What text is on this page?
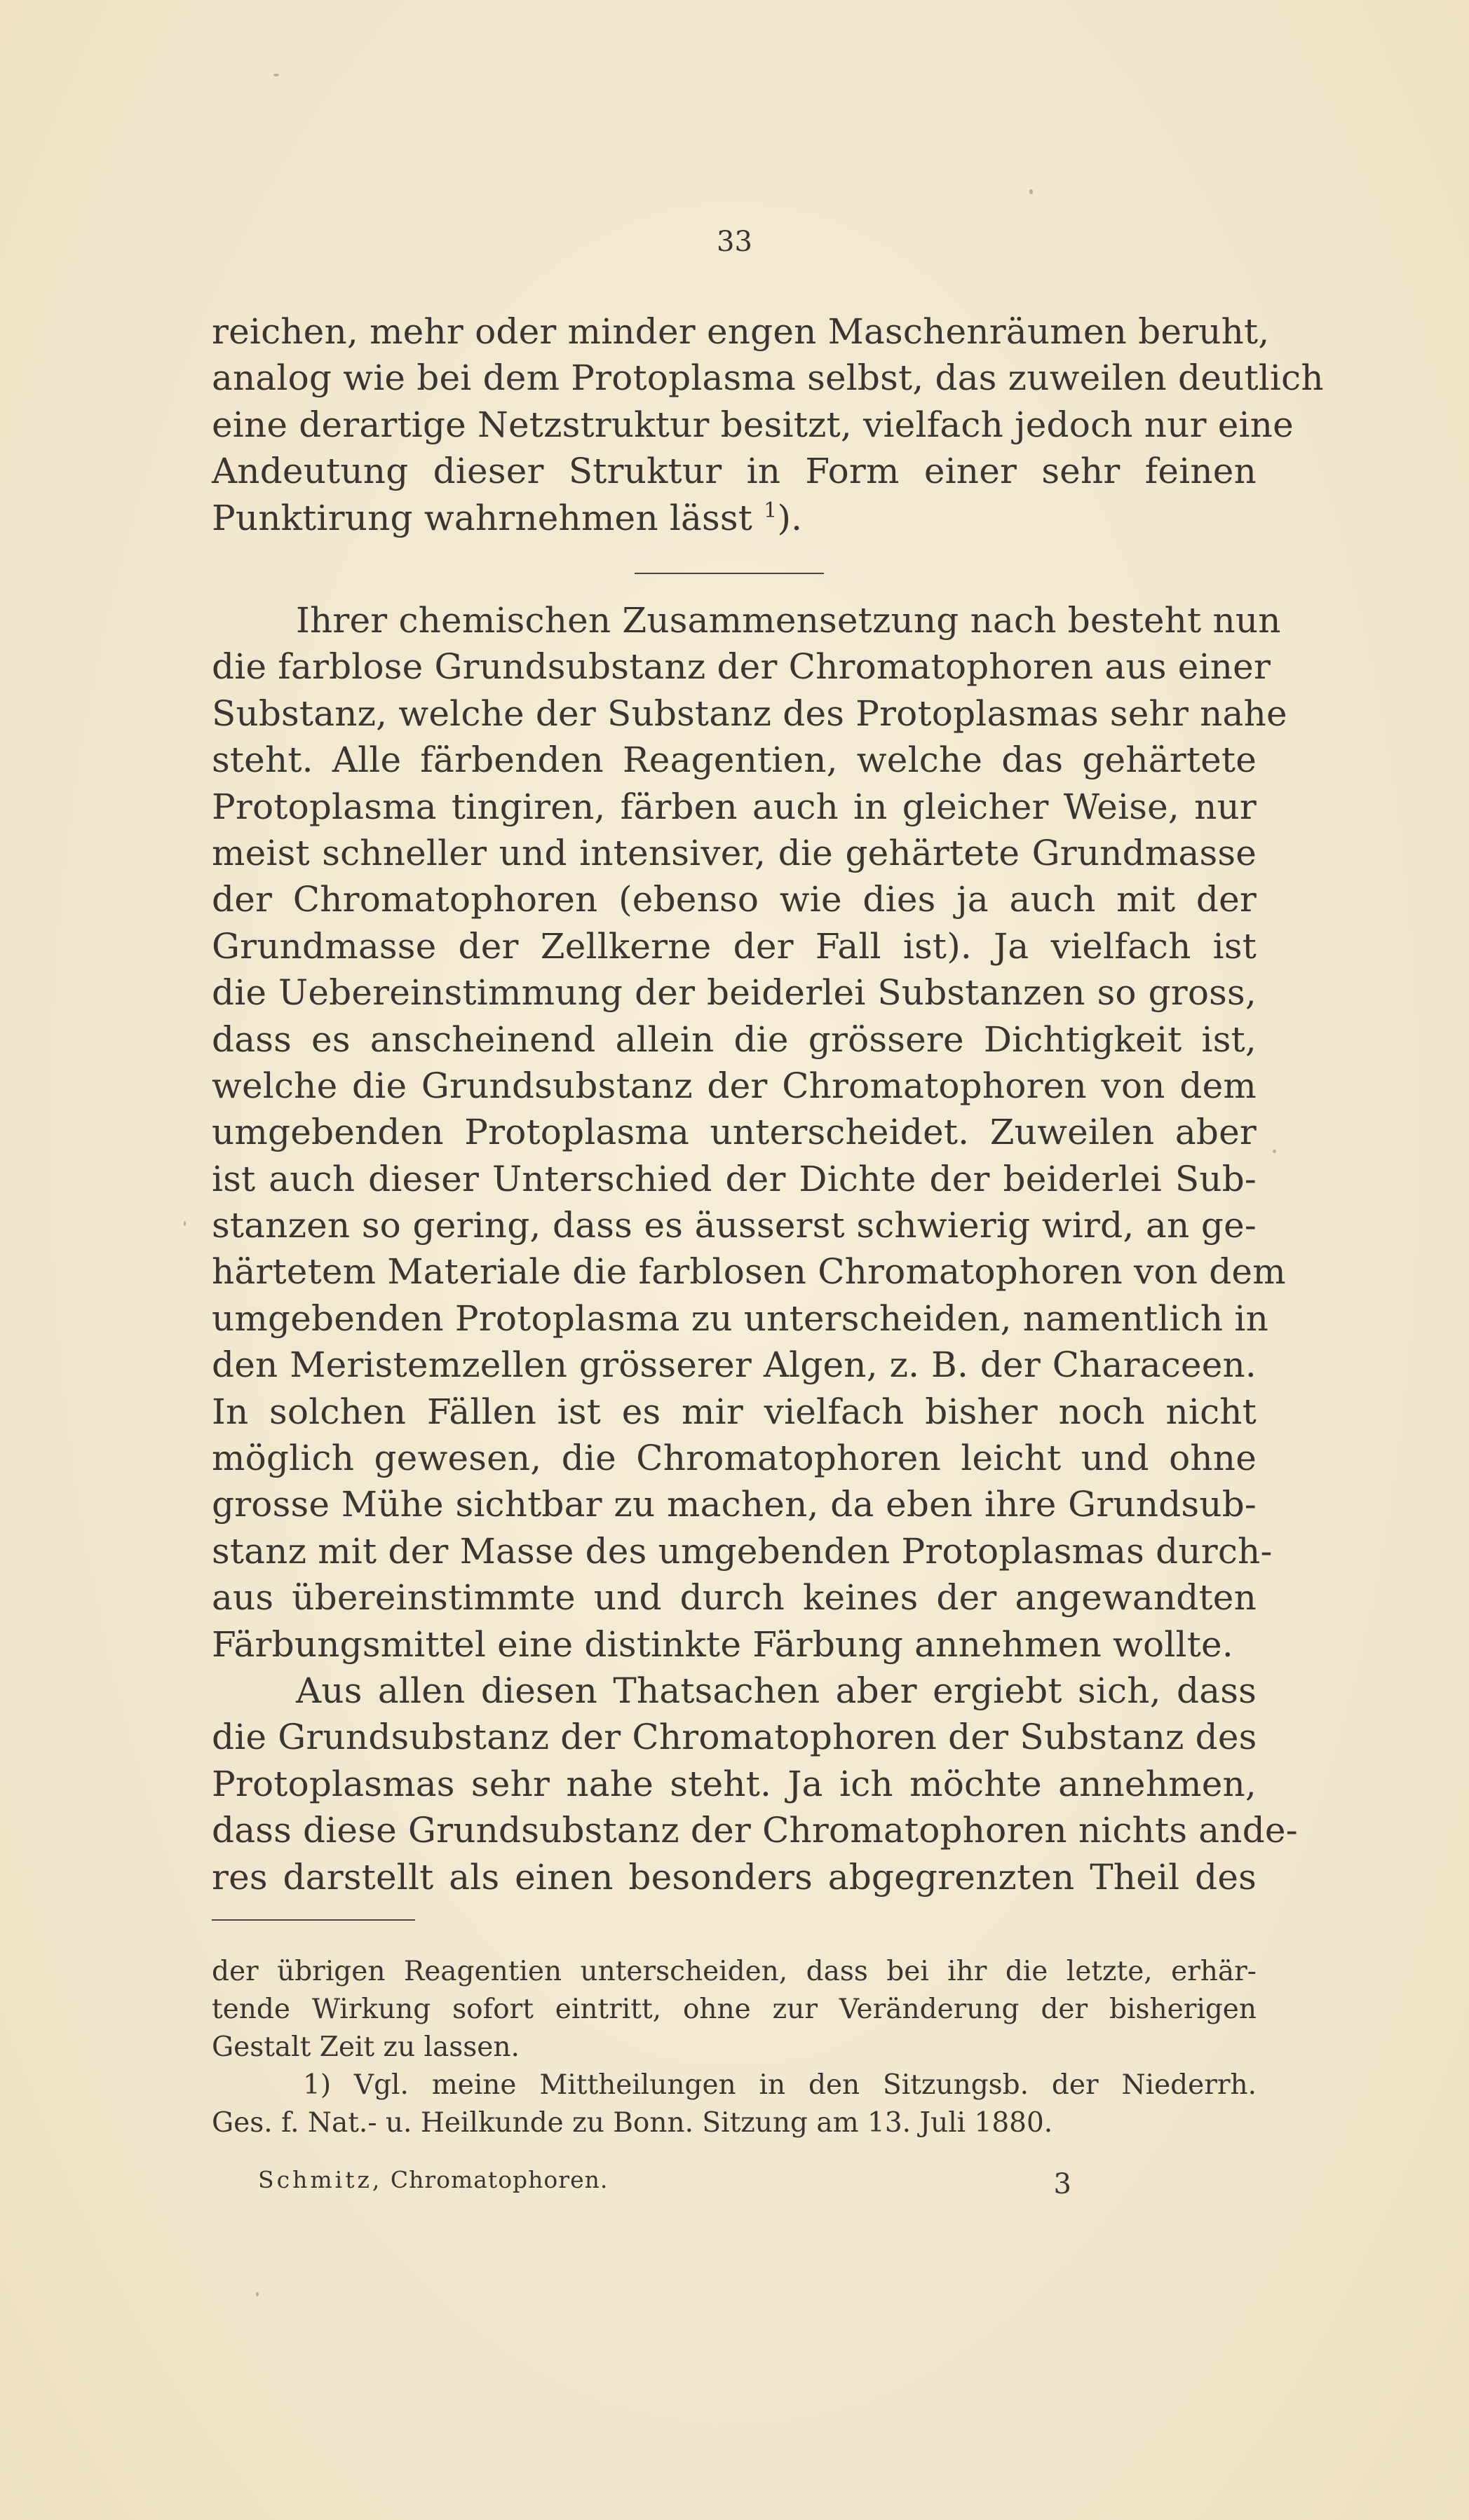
33
reichen, mehr oder minder engen Maschenräumen beruht,
analog wie bei dem Protoplasma selbst, das zuweilen deutlich
eine derartige Netzstruktur besitzt, vielfach jedoch nur eine
Andeutung dieser Struktur in Form einer sehr feinen
Punktirung wahrnehmen lässt $^1$).
Ihrer chemischen Zusammensetzung nach besteht nun
die farblose Grundsubstanz der Chromatophoren aus einer
Substanz, welche der Substanz des Protoplasmas sehr nahe
steht. Alle färbenden Reagentien, welche das gehärtete
Protoplasma tingiren, färben auch in gleicher Weise, nur
meist schneller und intensiver, die gehärtete Grundmasse
der Chromatophoren (ebenso wie dies ja auch mit der
Grundmasse der Zellkerne der Fall ist). Ja vielfach ist
die Uebereinstimmung der beiderlei Substanzen so gross,
dass es anscheinend allein die grössere Dichtigkeit ist,
welche die Grundsubstanz der Chromatophoren von dem
umgebenden Protoplasma unterscheidet. Zuweilen aber
ist auch dieser Unterschied der Dichte der beiderlei Sub-
stanzen so gering, dass es äusserst schwierig wird, an ge-
härtetem Materiale die farblosen Chromatophoren von dem
umgebenden Protoplasma zu unterscheiden, namentlich in
den Meristemzellen grösserer Algen, z. B. der Characeen.
In solchen Fällen ist es mir vielfach bisher noch nicht
möglich gewesen, die Chromatophoren leicht und ohne
grosse Mühe sichtbar zu machen, da eben ihre Grundsub-
stanz mit der Masse des umgebenden Protoplasmas durch-
aus übereinstimmte und durch keines der angewandten
Färbungsmittel eine distinkte Färbung annehmen wollte.
Aus allen diesen Thatsachen aber ergiebt sich, dass
die Grundsubstanz der Chromatophoren der Substanz des
Protoplasmas sehr nahe steht. Ja ich möchte annehmen,
dass diese Grundsubstanz der Chromatophoren nichts ande-
res darstellt als einen besonders abgegrenzten Theil des
der übrigen Reagentien unterscheiden, dass bei ihr die letzte, erhär-
tende Wirkung sofort eintritt, ohne zur Veränderung der bisherigen
Gestalt Zeit zu lassen.
1) Vgl. meine Mittheilungen in den Sitzungsb. der Niederrh.
Ges. f. Nat.- u. Heilkunde zu Bonn. Sitzung am 13. Juli 1880.
Schmitz, Chromatophoren.	3
